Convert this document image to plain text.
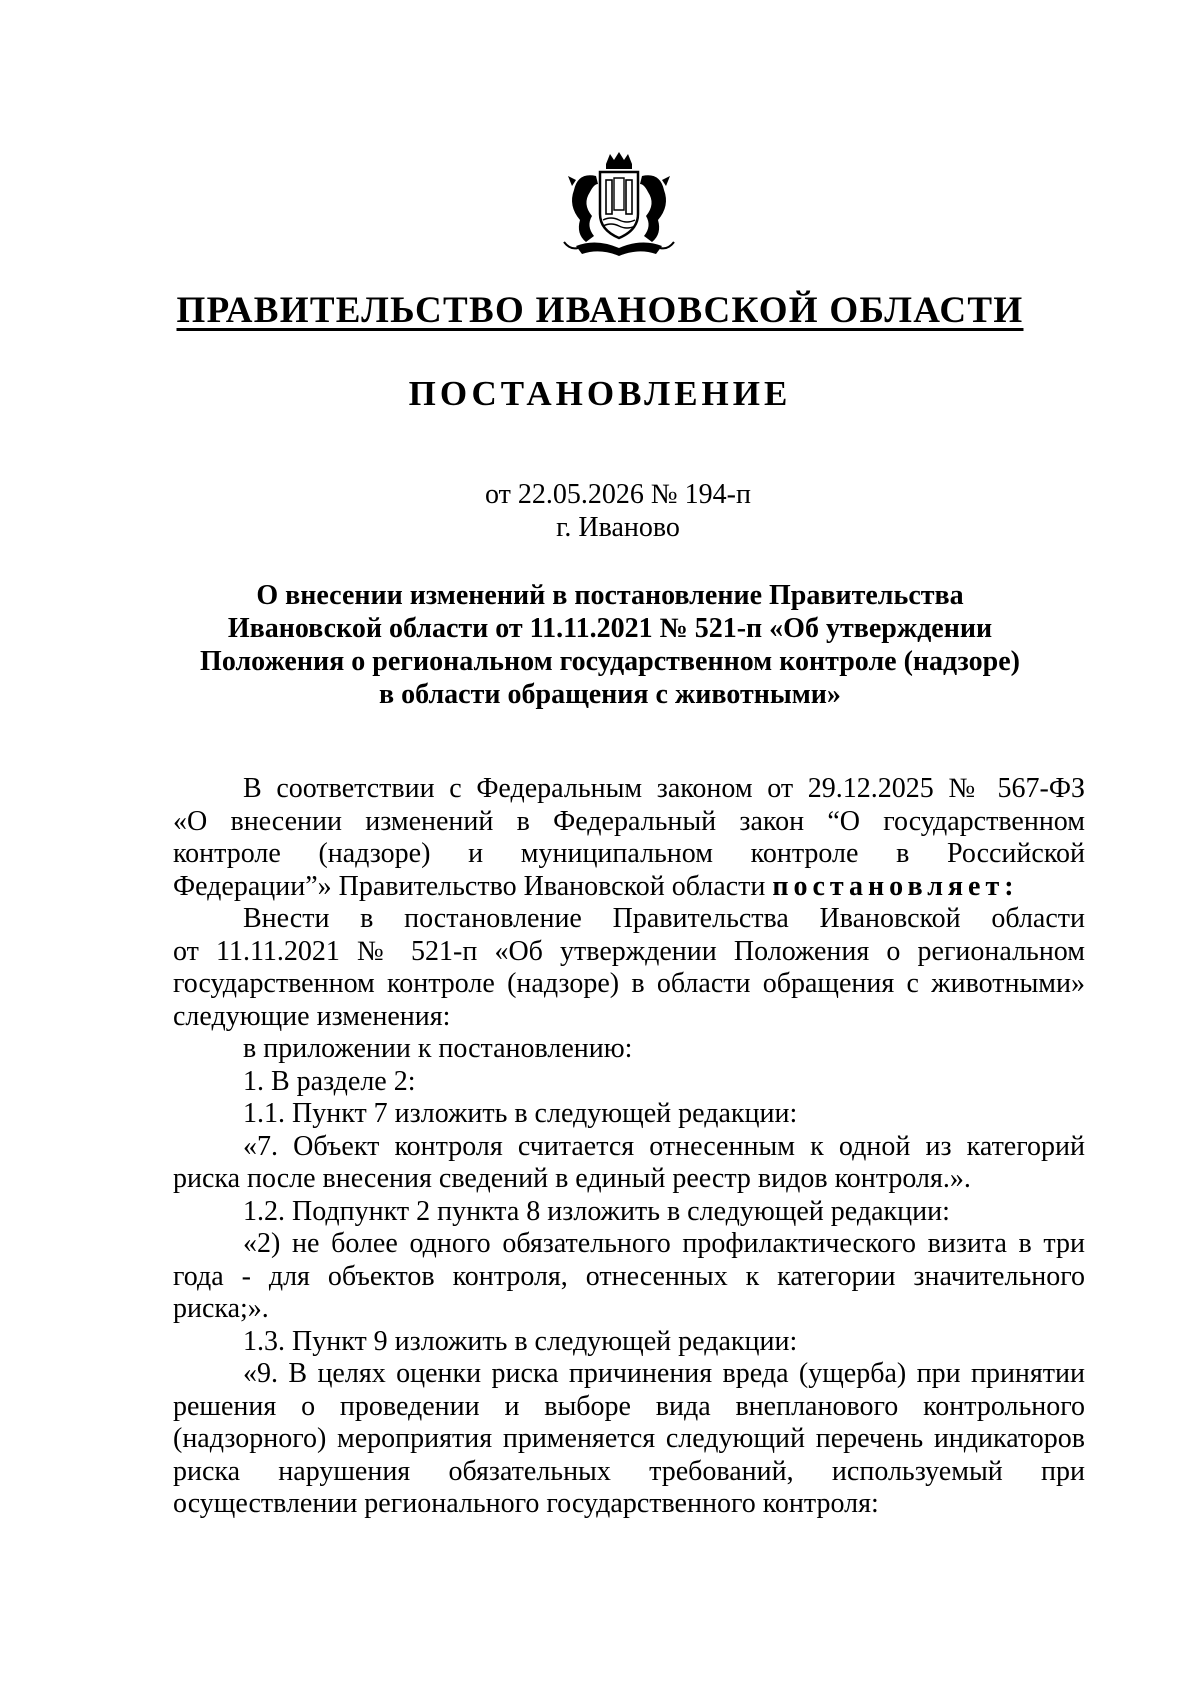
ПРАВИТЕЛЬСТВО ИВАНОВСКОЙ ОБЛАСТИ
ПОСТАНОВЛЕНИЕ
от 22.05.2026 № 194-п
г. Иваново
О внесении изменений в постановление Правительства
Ивановской области от 11.11.2021 № 521-п «Об утверждении
Положения о региональном государственном контроле (надзоре)
в области обращения с животными»

В соответствии с Федеральным законом от 29.12.2025 № 567-ФЗ

«О внесении изменений в Федеральный закон “О государственном

контроле (надзоре) и муниципальном контроле в Российской

Федерации”» Правительство Ивановской области постановляет:

Внести в постановление Правительства Ивановской области

от 11.11.2021 № 521-п «Об утверждении Положения о региональном

государственном контроле (надзоре) в области обращения с животными»

следующие изменения:

в приложении к постановлению:

1. В разделе 2:

1.1. Пункт 7 изложить в следующей редакции:

«7. Объект контроля считается отнесенным к одной из категорий

риска после внесения сведений в единый реестр видов контроля.».

1.2. Подпункт 2 пункта 8 изложить в следующей редакции:

«2) не более одного обязательного профилактического визита в три

года - для объектов контроля, отнесенных к категории значительного

риска;».

1.3. Пункт 9 изложить в следующей редакции:

«9. В целях оценки риска причинения вреда (ущерба) при принятии

решения о проведении и выборе вида внепланового контрольного

(надзорного) мероприятия применяется следующий перечень индикаторов

риска нарушения обязательных требований, используемый при

осуществлении регионального государственного контроля:
